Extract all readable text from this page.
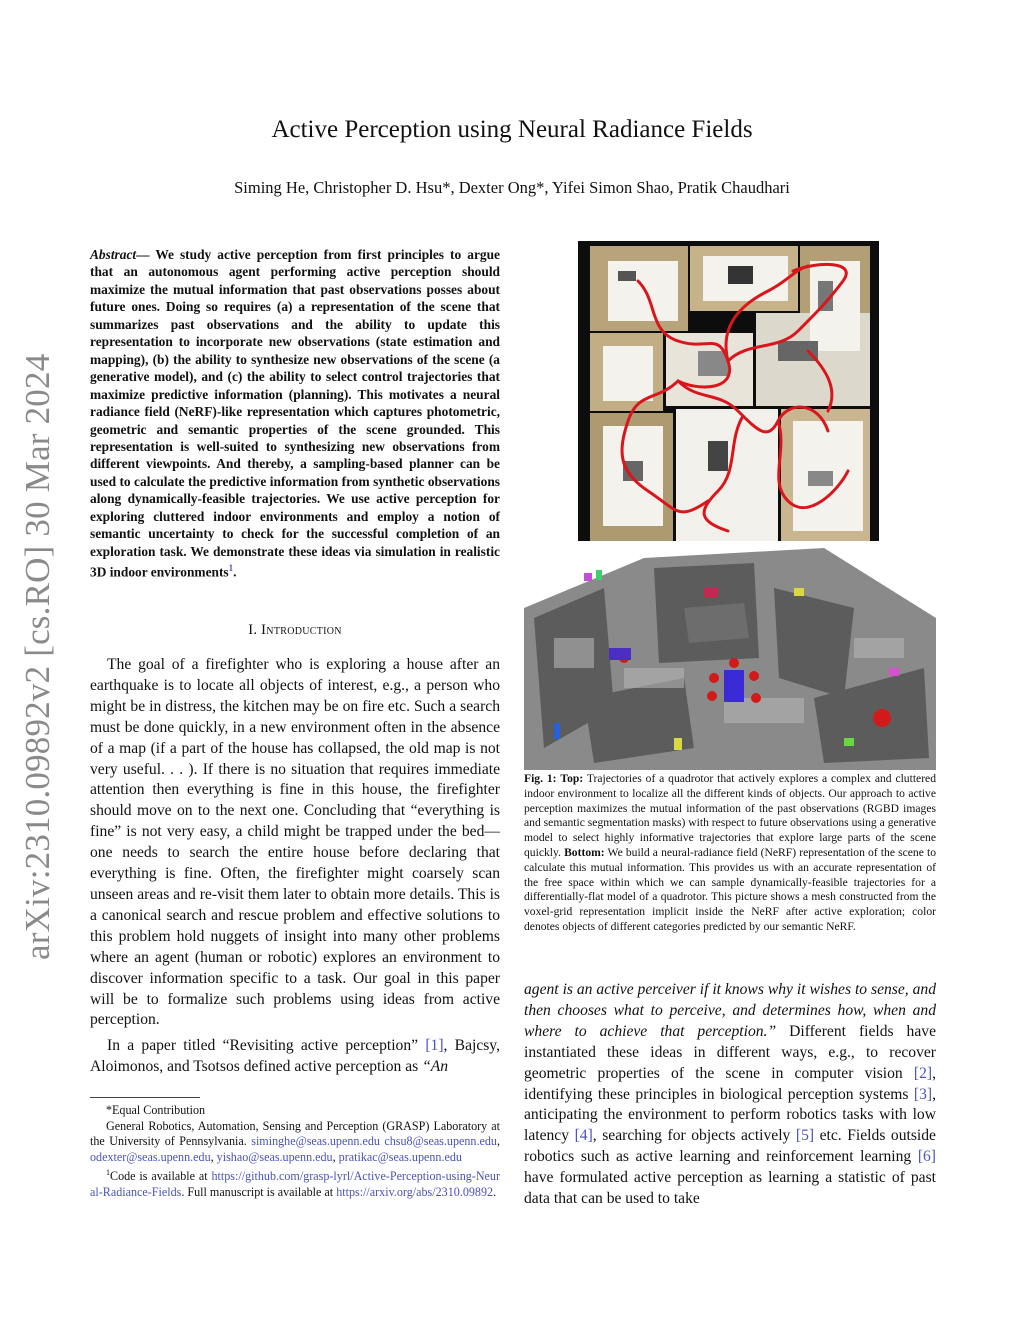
arXiv:2310.09892v2 [cs.RO] 30 Mar 2024
Active Perception using Neural Radiance Fields
Siming He, Christopher D. Hsu*, Dexter Ong*, Yifei Simon Shao, Pratik Chaudhari
Abstract— We study active perception from first principles to argue that an autonomous agent performing active perception should maximize the mutual information that past observations posses about future ones. Doing so requires (a) a representation of the scene that summarizes past observations and the ability to update this representation to incorporate new observations (state estimation and mapping), (b) the ability to synthesize new observations of the scene (a generative model), and (c) the ability to select control trajectories that maximize predictive information (planning). This motivates a neural radiance field (NeRF)-like representation which captures photometric, geometric and semantic properties of the scene grounded. This representation is well-suited to synthesizing new observations from different viewpoints. And thereby, a sampling-based planner can be used to calculate the predictive information from synthetic observations along dynamically-feasible trajectories. We use active perception for exploring cluttered indoor environments and employ a notion of semantic uncertainty to check for the successful completion of an exploration task. We demonstrate these ideas via simulation in realistic 3D indoor environments$^1$.
I. Introduction

The goal of a firefighter who is exploring a house after an earthquake is to locate all objects of interest, e.g., a person who might be in distress, the kitchen may be on fire etc. Such a search must be done quickly, in a new environment often in the absence of a map (if a part of the house has collapsed, the old map is not very useful. . . ). If there is no situation that requires immediate attention then everything is fine in this house, the firefighter should move on to the next one. Concluding that “everything is fine” is not very easy, a child might be trapped under the bed—one needs to search the entire house before declaring that everything is fine. Often, the firefighter might coarsely scan unseen areas and re-visit them later to obtain more details. This is a canonical search and rescue problem and effective solutions to this problem hold nuggets of insight into many other problems where an agent (human or robotic) explores an environment to discover information specific to a task. Our goal in this paper will be to formalize such problems using ideas from active perception.

In a paper titled “Revisiting active perception” [1], Bajcsy, Aloimonos, and Tsotsos defined active perception as “An

*Equal Contribution

General Robotics, Automation, Sensing and Perception (GRASP) Laboratory at the University of Pennsylvania. siminghe@seas.upenn.edu chsu8@seas.upenn.edu, odexter@seas.upenn.edu, yishao@seas.upenn.edu, pratikac@seas.upenn.edu

$^1$Code is available at https://github.com/grasp-lyrl/Active-Perception-using-Neural-Radiance-Fields. Full manuscript is available at https://arxiv.org/abs/2310.09892.

Fig. 1: Top: Trajectories of a quadrotor that actively explores a complex and cluttered indoor environment to localize all the different kinds of objects. Our approach to active perception maximizes the mutual information of the past observations (RGBD images and semantic segmentation masks) with respect to future observations using a generative model to select highly informative trajectories that explore large parts of the scene quickly. Bottom: We build a neural-radiance field (NeRF) representation of the scene to calculate this mutual information. This provides us with an accurate representation of the free space within which we can sample dynamically-feasible trajectories for a differentially-flat model of a quadrotor. This picture shows a mesh constructed from the voxel-grid representation implicit inside the NeRF after active exploration; color denotes objects of different categories predicted by our semantic NeRF.

agent is an active perceiver if it knows why it wishes to sense, and then chooses what to perceive, and determines how, when and where to achieve that perception.” Different fields have instantiated these ideas in different ways, e.g., to recover geometric properties of the scene in computer vision [2], identifying these principles in biological perception systems [3], anticipating the environment to perform robotics tasks with low latency [4], searching for objects actively [5] etc. Fields outside robotics such as active learning and reinforcement learning [6] have formulated active perception as learning a statistic of past data that can be used to take
